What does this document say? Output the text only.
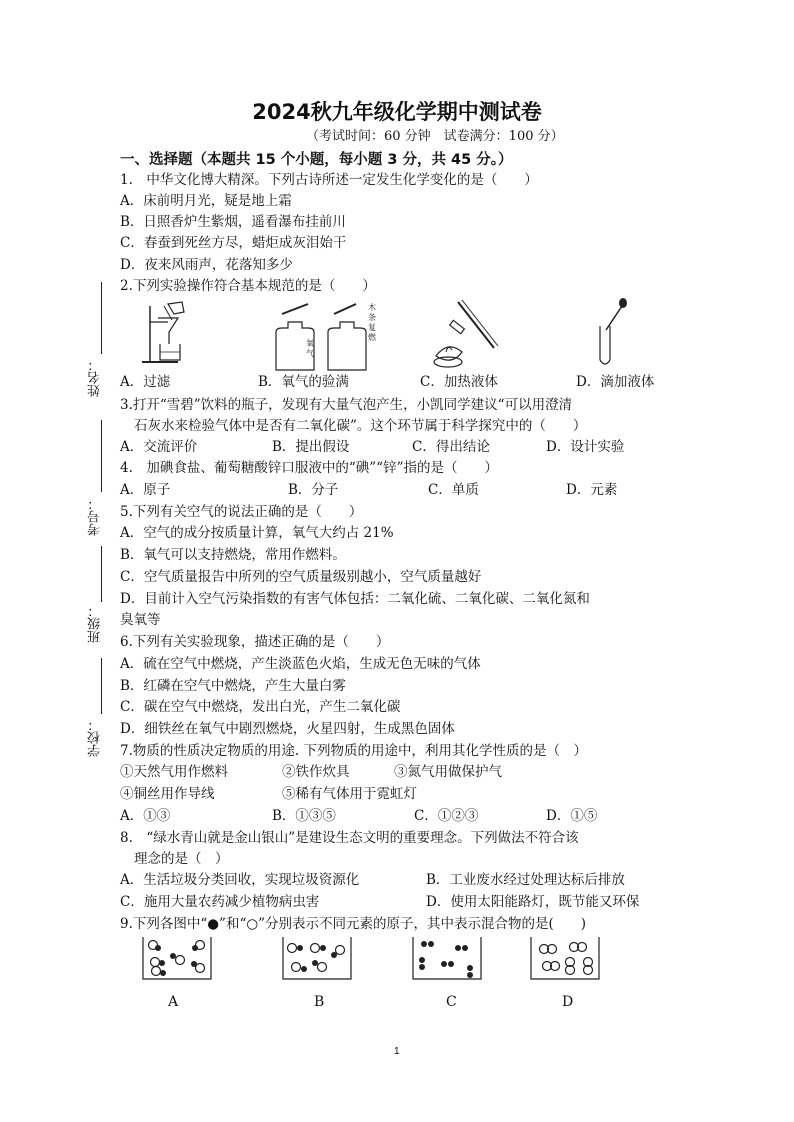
2024秋九年级化学期中测试卷
（考试时间：60 分钟　试卷满分：100 分）
一、选择题（本题共 15 个小题，每小题 3 分，共 45 分。）
姓名：
考号：
班级：
学校：
1.　中华文化博大精深。下列古诗所述一定发生化学变化的是（　　）
A．床前明月光，疑是地上霜
B．日照香炉生紫烟，遥看瀑布挂前川
C．春蚕到死丝方尽，蜡炬成灰泪始干
D．夜来风雨声，花落知多少
2.下列实验操作符合基本规范的是（　　）
氧
气
木
条
复
燃
A．过滤	B．氧气的验满	C．加热液体	D．滴加液体
3.打开“雪碧”饮料的瓶子，发现有大量气泡产生，小凯同学建议“可以用澄清
石灰水来检验气体中是否有二氧化碳”。这个环节属于科学探究中的（　　）
A．交流评价	B．提出假设	C．得出结论	D．设计实验
4.　加碘食盐、葡萄糖酸锌口服液中的“碘”“锌”指的是（　　）
A．原子	B．分子	C．单质	D．元素
5.下列有关空气的说法正确的是（　　）
A．空气的成分按质量计算，氧气大约占 21%
B．氧气可以支持燃烧，常用作燃料。
C．空气质量报告中所列的空气质量级别越小，空气质量越好
D．目前计入空气污染指数的有害气体包括：二氧化硫、二氧化碳、二氧化氮和
臭氧等
6.下列有关实验现象，描述正确的是（　　）
A．硫在空气中燃烧，产生淡蓝色火焰，生成无色无味的气体
B．红磷在空气中燃烧，产生大量白雾
C．碳在空气中燃烧，发出白光，产生二氧化碳
D．细铁丝在氧气中剧烈燃烧，火星四射，生成黑色固体
7.物质的性质决定物质的用途. 下列物质的用途中，利用其化学性质的是（　）
①天然气用作燃料	②铁作炊具	③氮气用做保护气
④铜丝用作导线	⑤稀有气体用于霓虹灯
A．①③	B．①③⑤	C．①②③	D．①⑤
8.　“绿水青山就是金山银山”是建设生态文明的重要理念。下列做法不符合该
理念的是（　）
A．生活垃圾分类回收，实现垃圾资源化	B．工业废水经过处理达标后排放
C．施用大量农药减少植物病虫害	D．使用太阳能路灯，既节能又环保
9.下列各图中“●”和“○”分别表示不同元素的原子，其中表示混合物的是(　　)
A	B	C	D
1
